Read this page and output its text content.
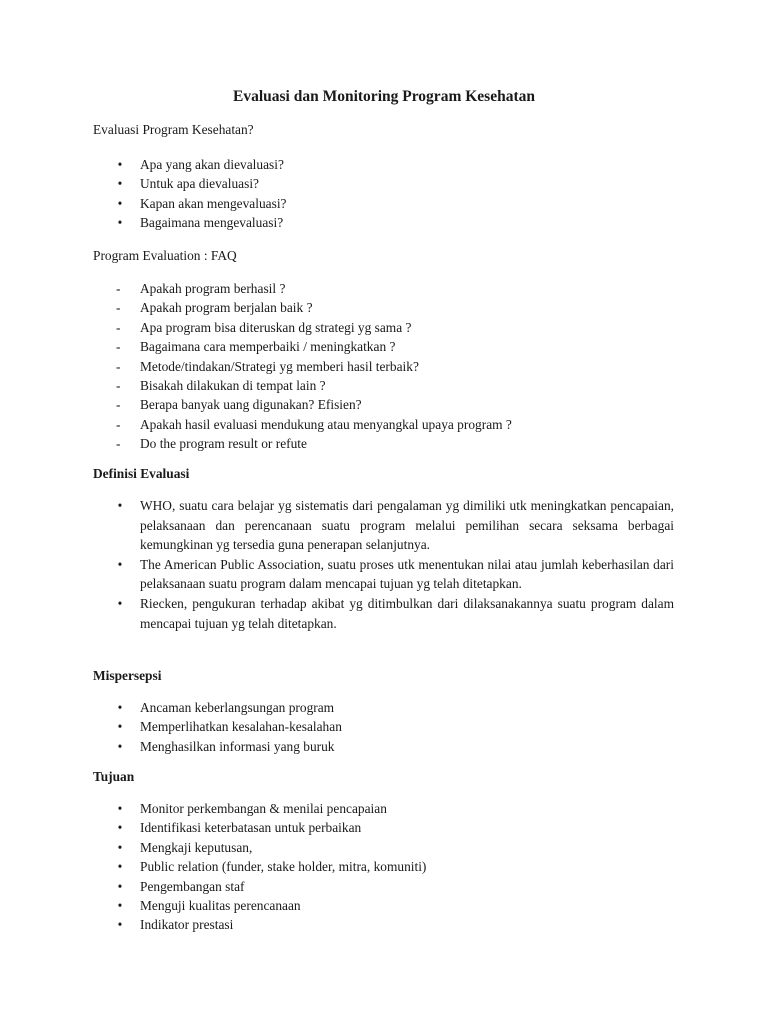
Evaluasi dan Monitoring Program Kesehatan

Evaluasi Program Kesehatan?

• Apa yang akan dievaluasi?
• Untuk apa dievaluasi?
• Kapan akan mengevaluasi?
• Bagaimana mengevaluasi?

Program Evaluation : FAQ

- Apakah program berhasil ?
- Apakah program berjalan baik ?
- Apa program bisa diteruskan dg strategi yg sama ?
- Bagaimana cara memperbaiki / meningkatkan ?
- Metode/tindakan/Strategi yg memberi hasil terbaik?
- Bisakah dilakukan di tempat lain ?
- Berapa banyak uang digunakan? Efisien?
- Apakah hasil evaluasi mendukung atau menyangkal upaya program ?
- Do the program result or refute

Definisi Evaluasi

• WHO, suatu cara belajar yg sistematis dari pengalaman yg dimiliki utk meningkatkan pencapaian, pelaksanaan dan perencanaan suatu program melalui pemilihan secara seksama berbagai kemungkinan yg tersedia guna penerapan selanjutnya.
• The American Public Association, suatu proses utk menentukan nilai atau jumlah keberhasilan dari pelaksanaan suatu program dalam mencapai tujuan yg telah ditetapkan.
• Riecken, pengukuran terhadap akibat yg ditimbulkan dari dilaksanakannya suatu program dalam mencapai tujuan yg telah ditetapkan.

Mispersepsi

• Ancaman keberlangsungan program
• Memperlihatkan kesalahan-kesalahan
• Menghasilkan informasi yang buruk

Tujuan

• Monitor perkembangan & menilai pencapaian
• Identifikasi keterbatasan untuk perbaikan
• Mengkaji keputusan,
• Public relation (funder, stake holder, mitra, komuniti)
• Pengembangan staf
• Menguji kualitas perencanaan
• Indikator prestasi
